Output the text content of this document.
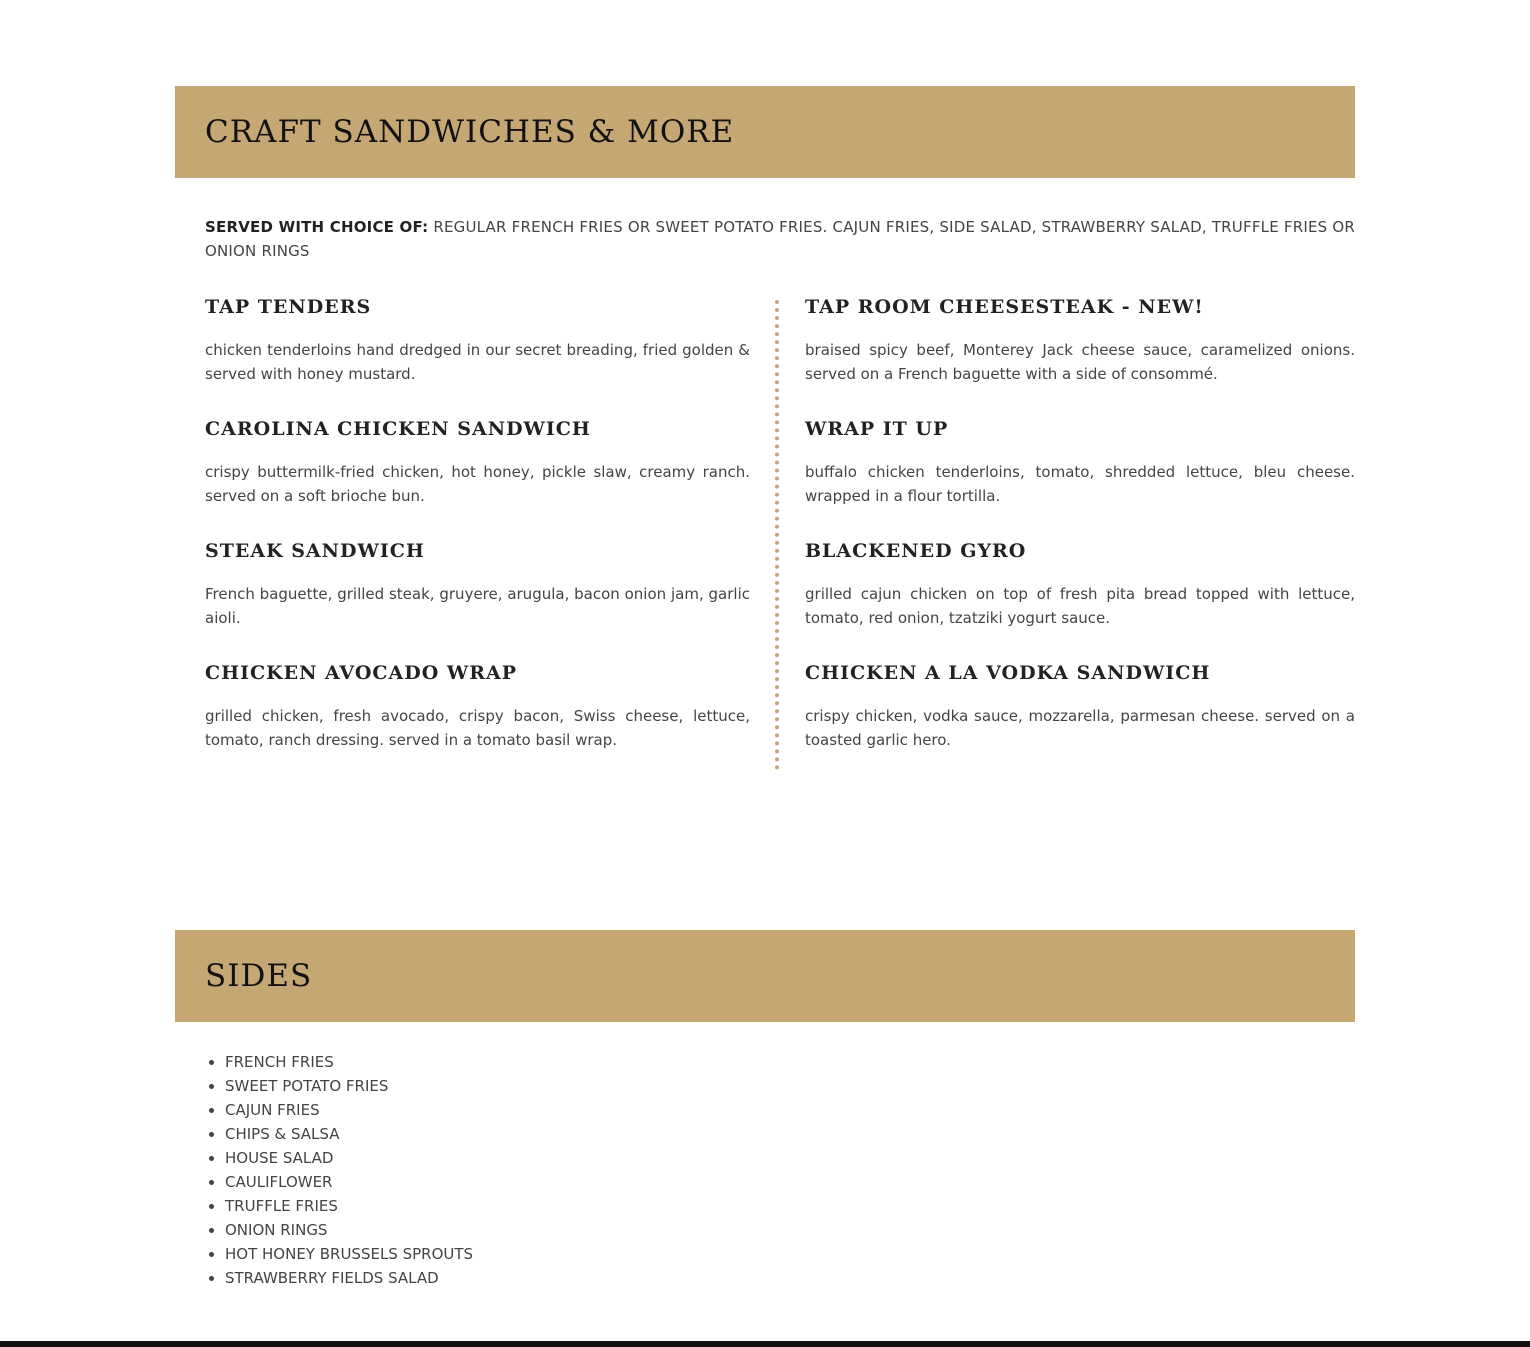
CRAFT SANDWICHES & MORE
SERVED WITH CHOICE OF: REGULAR FRENCH FRIES OR SWEET POTATO FRIES. CAJUN FRIES, SIDE SALAD, STRAWBERRY SALAD, TRUFFLE FRIES OR ONION RINGS
TAP TENDERS

chicken tenderloins hand dredged in our secret breading, fried golden & served with honey mustard.

CAROLINA CHICKEN SANDWICH

crispy buttermilk-fried chicken, hot honey, pickle slaw, creamy ranch. served on a soft brioche bun.

STEAK SANDWICH

French baguette, grilled steak, gruyere, arugula, bacon onion jam, garlic aioli.

CHICKEN AVOCADO WRAP

grilled chicken, fresh avocado, crispy bacon, Swiss cheese, lettuce, tomato, ranch dressing. served in a tomato basil wrap.

TAP ROOM CHEESESTEAK - NEW!

braised spicy beef, Monterey Jack cheese sauce, caramelized onions. served on a French baguette with a side of consommé.

WRAP IT UP

buffalo chicken tenderloins, tomato, shredded lettuce, bleu cheese. wrapped in a flour tortilla.

BLACKENED GYRO

grilled cajun chicken on top of fresh pita bread topped with lettuce, tomato, red onion, tzatziki yogurt sauce.

CHICKEN A LA VODKA SANDWICH

crispy chicken, vodka sauce, mozzarella, parmesan cheese. served on a toasted garlic hero.

SIDES
• FRENCH FRIES
• SWEET POTATO FRIES
• CAJUN FRIES
• CHIPS & SALSA
• HOUSE SALAD
• CAULIFLOWER
• TRUFFLE FRIES
• ONION RINGS
• HOT HONEY BRUSSELS SPROUTS
• STRAWBERRY FIELDS SALAD
